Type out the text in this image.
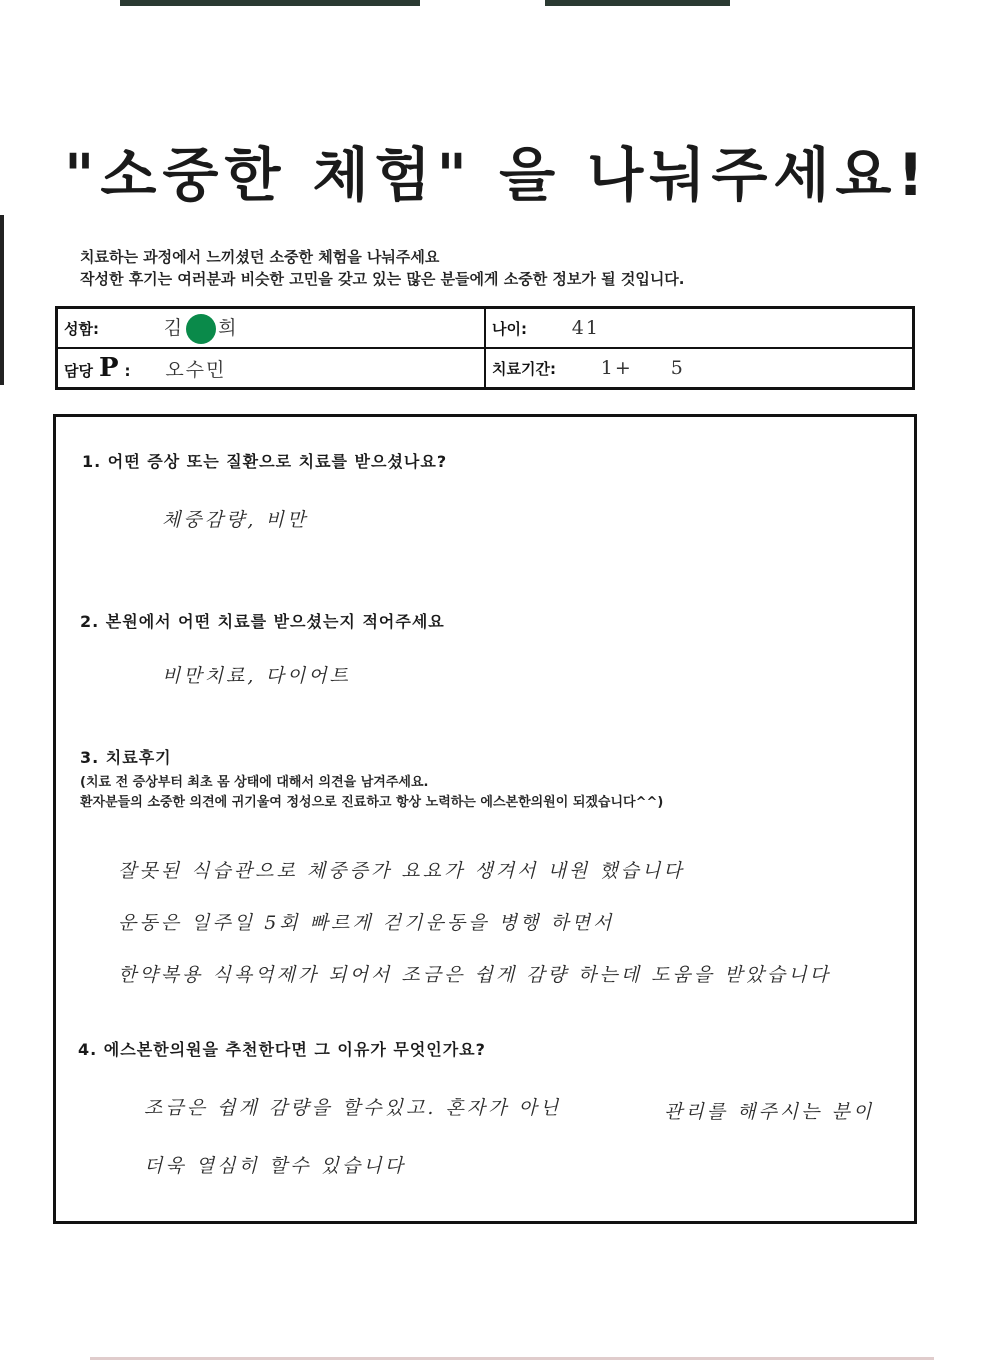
"소중한 체험" 을 나눠주세요!
치료하는 과정에서 느끼셨던 소중한 체험을 나눠주세요
작성한 후기는 여러분과 비슷한 고민을 갖고 있는 많은 분들에게 소중한 정보가 될 것입니다.
성함: 김 희	나이: 41
담당 P : 오수민	치료기간: 1+ 5
1. 어떤 증상 또는 질환으로 치료를 받으셨나요?
체중감량, 비만
2. 본원에서 어떤 치료를 받으셨는지 적어주세요
비만치료, 다이어트
3. 치료후기
(치료 전 증상부터 최초 몸 상태에 대해서 의견을 남겨주세요.
환자분들의 소중한 의견에 귀기울여 정성으로 진료하고 항상 노력하는 에스본한의원이 되겠습니다^^)
잘못된 식습관으로 체중증가 요요가 생겨서 내원 했습니다
운동은 일주일 5회 빠르게 걷기운동을 병행 하면서
한약복용 식욕억제가 되어서 조금은 쉽게 감량 하는데 도움을 받았습니다
4. 에스본한의원을 추천한다면 그 이유가 무엇인가요?
조금은 쉽게 감량을 할수있고. 혼자가 아닌	관리를 해주시는 분이
더욱 열심히 할수 있습니다
